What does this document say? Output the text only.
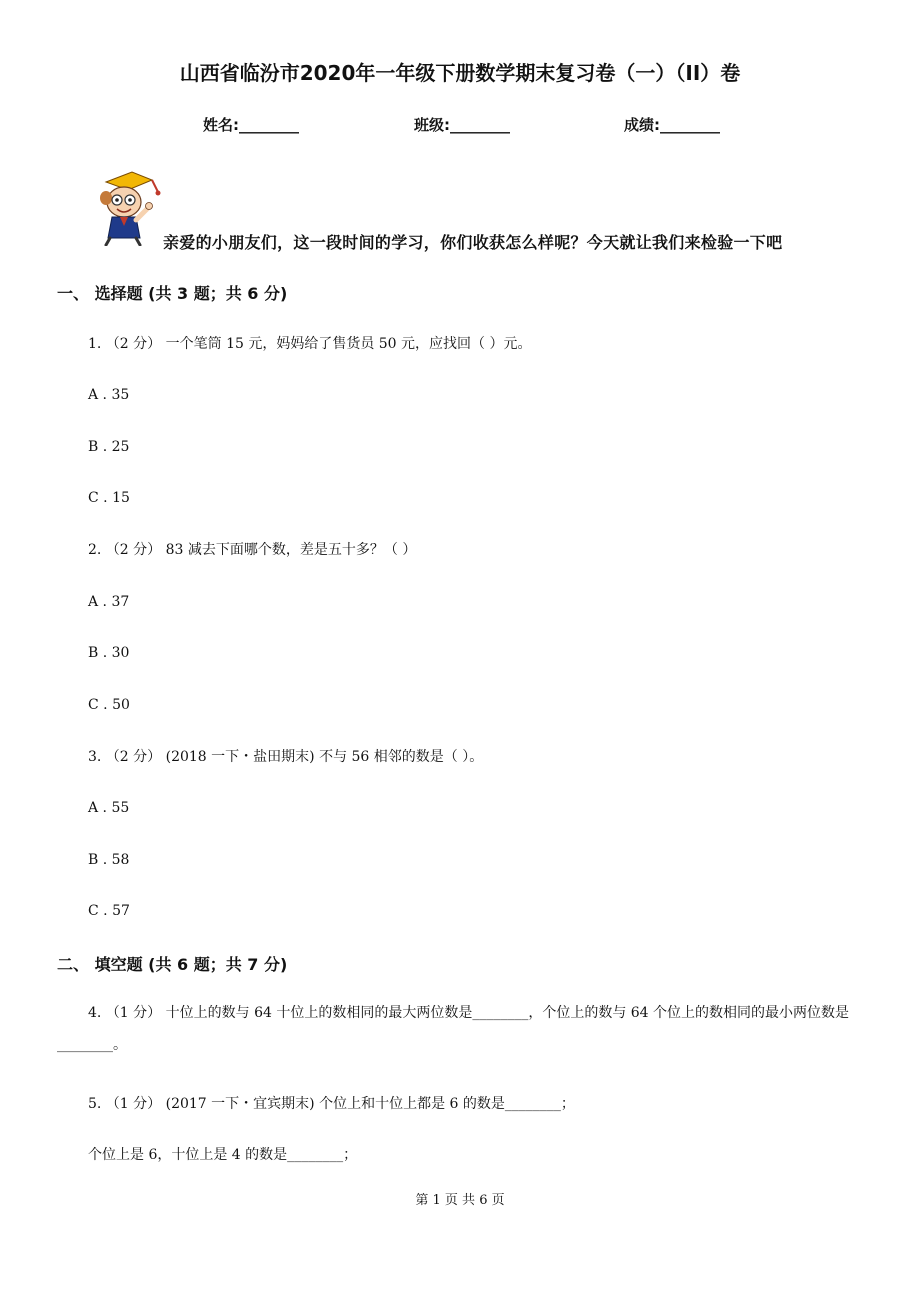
山西省临汾市2020年一年级下册数学期末复习卷（一）（II）卷
姓名:________	班级:________	成绩:________
亲爱的小朋友们，这一段时间的学习，你们收获怎么样呢？今天就让我们来检验一下吧
一、 选择题 (共 3 题；共 6 分)
1. （2 分） 一个笔筒 15 元，妈妈给了售货员 50 元，应找回（ ）元。
A . 35
B . 25
C . 15
2. （2 分） 83 减去下面哪个数，差是五十多？（ ）
A . 37
B . 30
C . 50
3. （2 分） (2018 一下・盐田期末) 不与 56 相邻的数是（ ）。
A . 55
B . 58
C . 57
二、 填空题 (共 6 题；共 7 分)
4. （1 分） 十位上的数与 64 十位上的数相同的最大两位数是________，个位上的数与 64 个位上的数相同的最小两位数是________。
5. （1 分） (2017 一下・宜宾期末) 个位上和十位上都是 6 的数是________；
个位上是 6，十位上是 4 的数是________；
第 1 页 共 6 页
